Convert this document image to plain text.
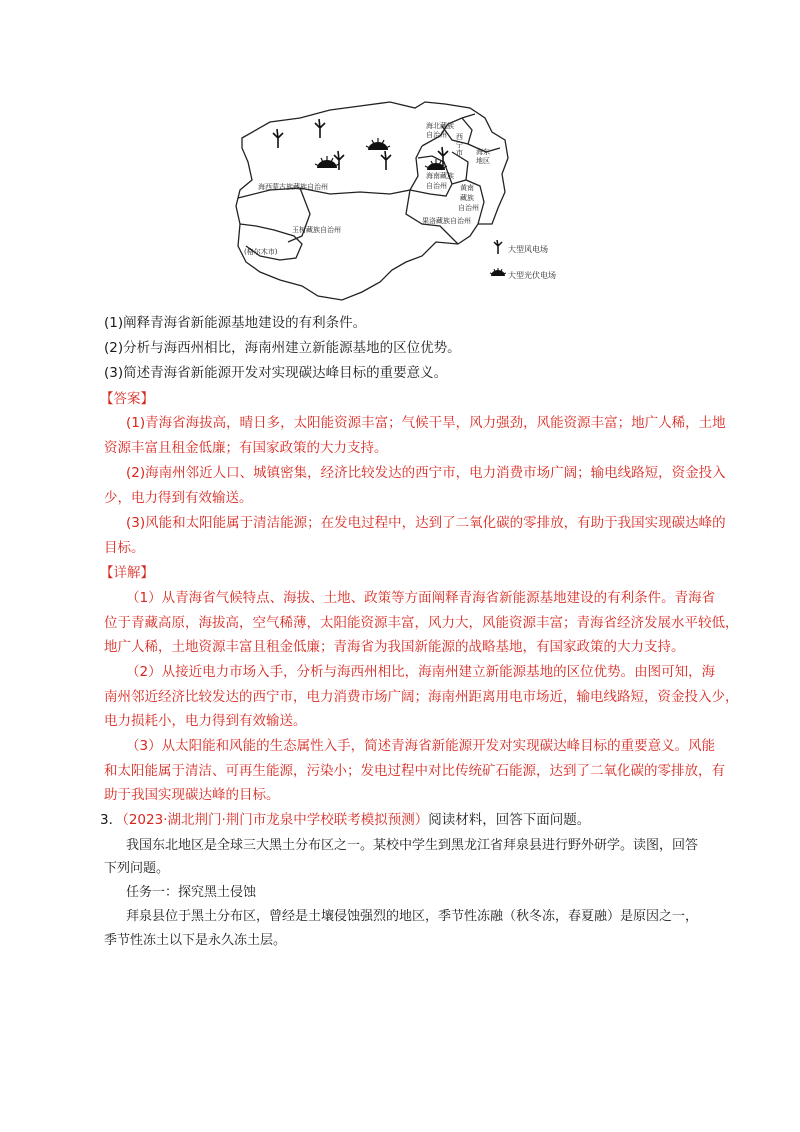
海西蒙古族藏族自治州
海北藏族
自治州 西
宁
市 海东
地区
海南藏族
自治州 黄南
藏族
自治州
果洛藏族自治州
玉树藏族自治州
(格尔木市)	大型风电场
大型光伏电场
(1)阐释青海省新能源基地建设的有利条件。
(2)分析与海西州相比，海南州建立新能源基地的区位优势。
(3)简述青海省新能源开发对实现碳达峰目标的重要意义。
【答案】
(1)青海省海拔高，晴日多，太阳能资源丰富；气候干旱，风力强劲，风能资源丰富；地广人稀，土地
资源丰富且租金低廉；有国家政策的大力支持。
(2)海南州邻近人口、城镇密集，经济比较发达的西宁市，电力消费市场广阔；输电线路短，资金投入
少，电力得到有效输送。
(3)风能和太阳能属于清洁能源；在发电过程中，达到了二氧化碳的零排放，有助于我国实现碳达峰的
目标。
【详解】
（1）从青海省气候特点、海拔、土地、政策等方面阐释青海省新能源基地建设的有利条件。青海省
位于青藏高原，海拔高，空气稀薄，太阳能资源丰富，风力大，风能资源丰富；青海省经济发展水平较低，
地广人稀，土地资源丰富且租金低廉；青海省为我国新能源的战略基地，有国家政策的大力支持。
（2）从接近电力市场入手，分析与海西州相比，海南州建立新能源基地的区位优势。由图可知，海
南州邻近经济比较发达的西宁市，电力消费市场广阔；海南州距离用电市场近，输电线路短，资金投入少，
电力损耗小，电力得到有效输送。
（3）从太阳能和风能的生态属性入手，简述青海省新能源开发对实现碳达峰目标的重要意义。风能
和太阳能属于清洁、可再生能源，污染小；发电过程中对比传统矿石能源，达到了二氧化碳的零排放，有
助于我国实现碳达峰的目标。
3．（2023·湖北荆门·荆门市龙泉中学校联考模拟预测）阅读材料，回答下面问题。
我国东北地区是全球三大黑土分布区之一。某校中学生到黑龙江省拜泉县进行野外研学。读图，回答
下列问题。
任务一：探究黑土侵蚀
拜泉县位于黑土分布区，曾经是土壤侵蚀强烈的地区，季节性冻融（秋冬冻，春夏融）是原因之一，
季节性冻土以下是永久冻土层。
